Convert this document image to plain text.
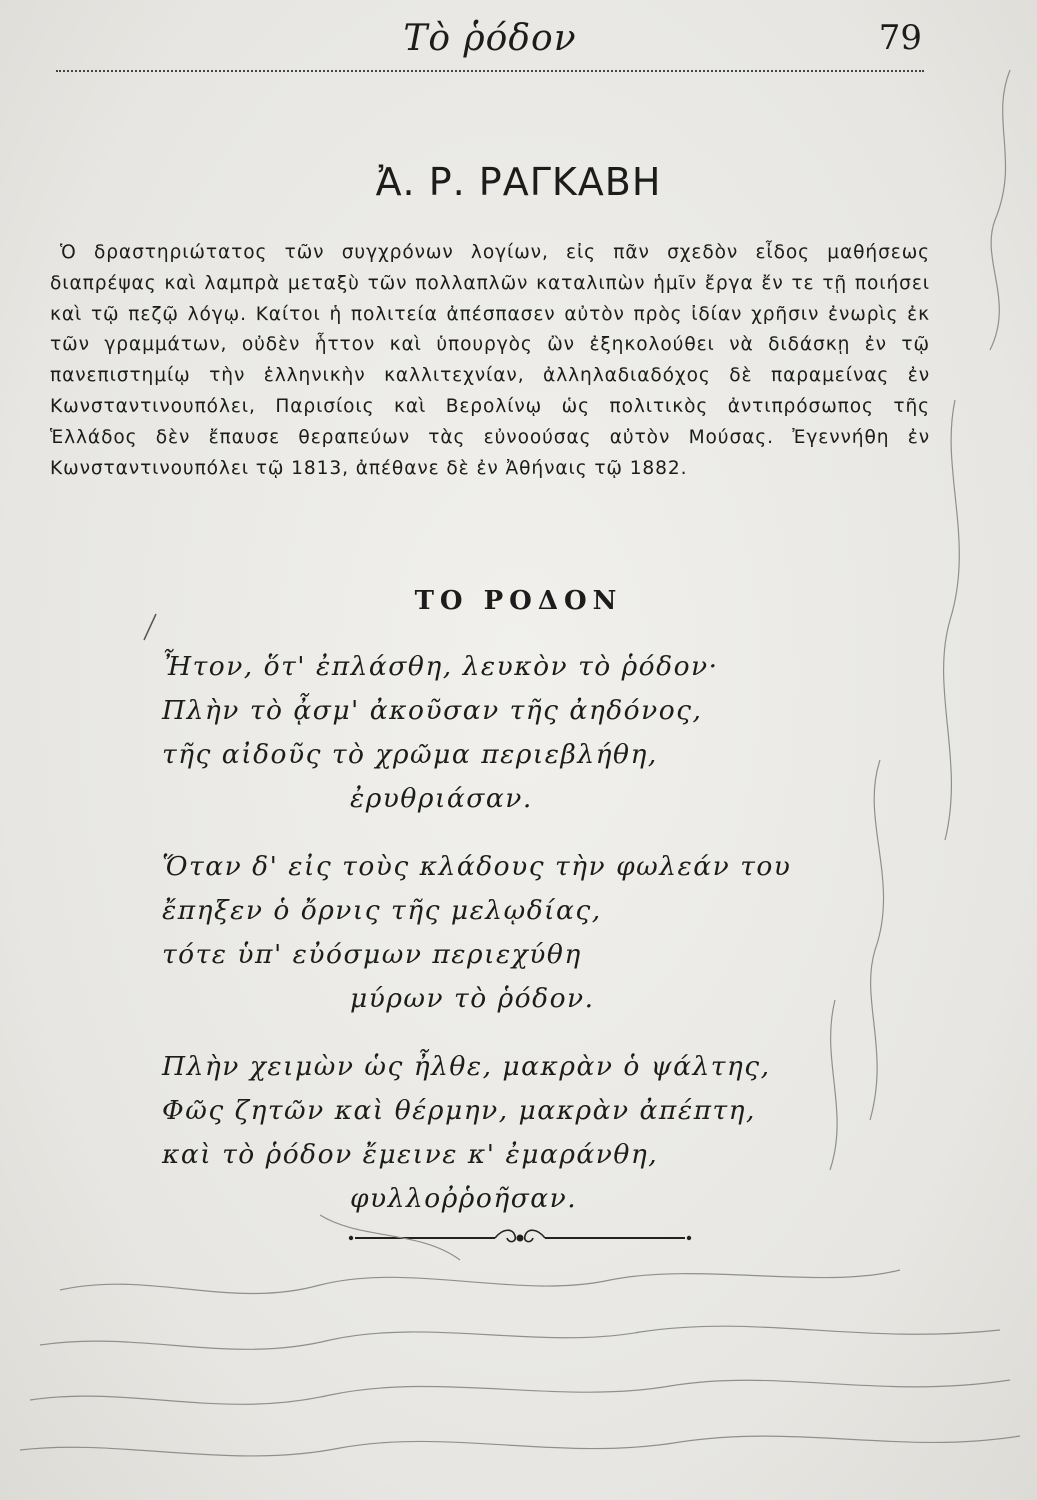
Τὸ ῥόδον	79
Ἀ. Ρ. ΡΑΓΚΑΒΗ

Ὁ δραστηριώτατος τῶν συγχρόνων λογίων, εἰς πᾶν σχεδὸν εἶδος μαθήσεως διαπρέψας καὶ λαμπρὰ μεταξὺ τῶν πολλαπλῶν καταλιπὼν ἡμῖν ἔργα ἔν τε τῇ ποιήσει καὶ τῷ πεζῷ λόγῳ. Καίτοι ἡ πολιτεία ἀπέσπασεν αὐτὸν πρὸς ἰδίαν χρῆσιν ἐνωρὶς ἐκ τῶν γραμμάτων, οὐδὲν ἧττον καὶ ὑπουργὸς ὢν ἐξηκολούθει νὰ διδάσκῃ ἐν τῷ πανεπιστημίῳ τὴν ἑλληνικὴν καλλιτεχνίαν, ἀλληλαδιαδόχος δὲ παραμείνας ἐν Κωνσταντινουπόλει, Παρισίοις καὶ Βερολίνῳ ὡς πολιτικὸς ἀντιπρόσωπος τῆς Ἑλλάδος δὲν ἔπαυσε θεραπεύων τὰς εὐνοούσας αὐτὸν Μούσας. Ἐγεννήθη ἐν Κωνσταντινουπόλει τῷ 1813, ἀπέθανε δὲ ἐν Ἀθήναις τῷ 1882.

ΤΟ ΡΟΔΟΝ
Ἦτον, ὅτ' ἐπλάσθη, λευκὸν τὸ ῥόδον·
Πλὴν τὸ ᾆσμ' ἀκοῦσαν τῆς ἀηδόνος,
τῆς αἰδοῦς τὸ χρῶμα περιεβλήθη,
ἐρυθριάσαν.
Ὅταν δ' εἰς τοὺς κλάδους τὴν φωλεάν του
ἔπηξεν ὁ ὄρνις τῆς μελῳδίας,
τότε ὑπ' εὐόσμων περιεχύθη
μύρων τὸ ῥόδον.
Πλὴν χειμὼν ὡς ἦλθε, μακρὰν ὁ ψάλτης,
Φῶς ζητῶν καὶ θέρμην, μακρὰν ἀπέπτη,
καὶ τὸ ῥόδον ἔμεινε κ' ἐμαράνθη,
φυλλοῤῥοῆσαν.
